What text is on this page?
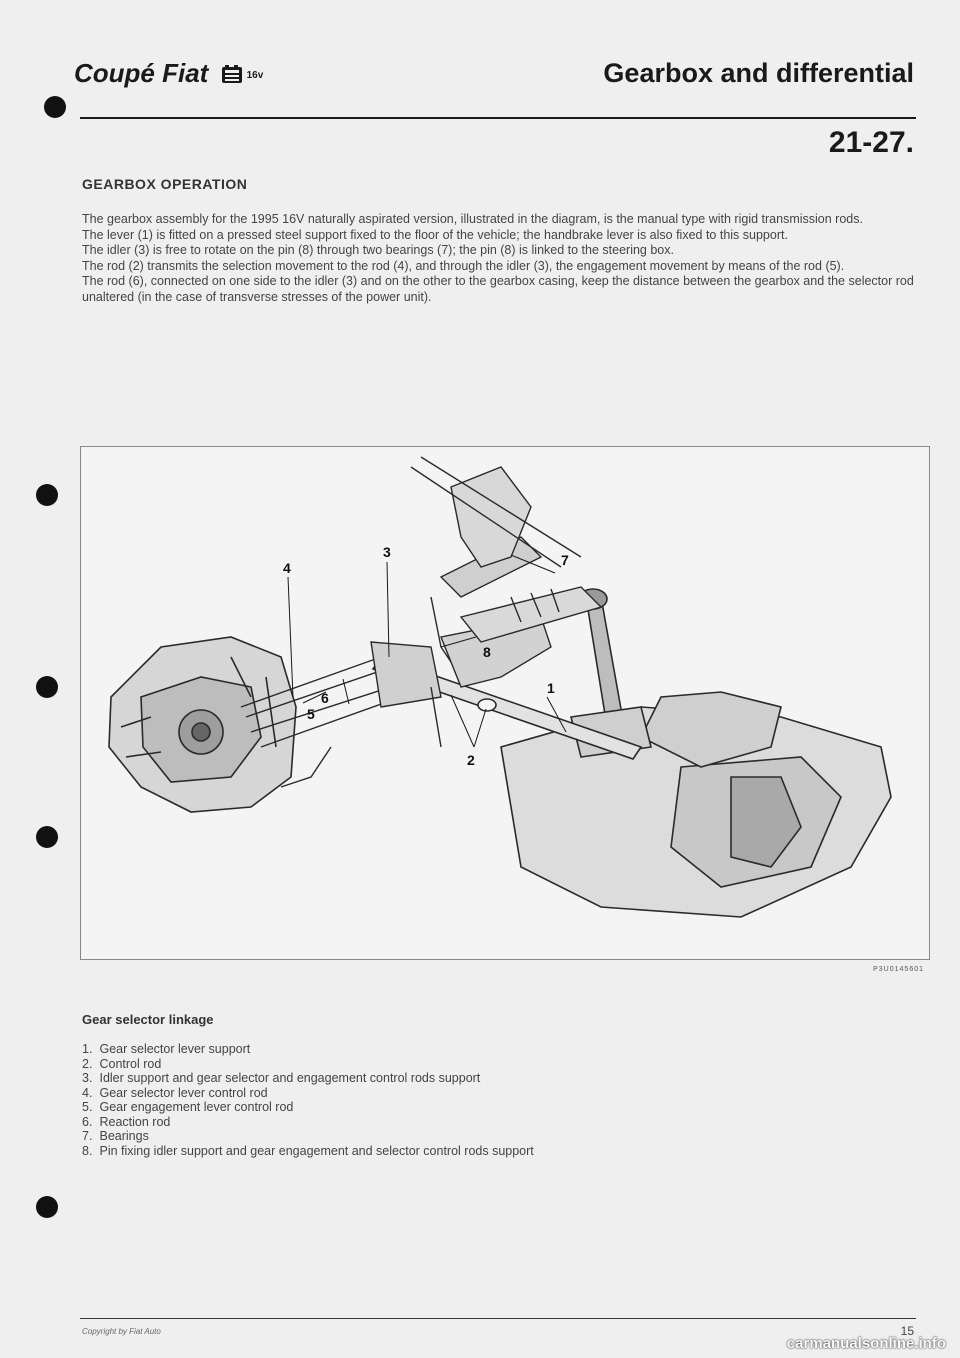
Coupé Fiat	16v	Gearbox and differential
21-27.
GEARBOX OPERATION

The gearbox assembly for the 1995 16V naturally aspirated version, illustrated in the diagram, is the manual type with rigid transmission rods.

The lever (1) is fitted on a pressed steel support fixed to the floor of the vehicle; the handbrake lever is also fixed to this support.

The idler (3) is free to rotate on the pin (8) through two bearings (7); the pin (8) is linked to the steering box.

The rod (2) transmits the selection movement to the rod (4), and through the idler (3), the engagement movement by means of the rod (5).

The rod (6), connected on one side to the idler (3) and on the other to the gearbox casing, keep the distance between the gearbox and the selector rod unaltered (in the case of transverse stresses of the power unit).

1
2
3
4
5
6
7
8
P3U0145601
Gear selector linkage
1. Gear selector lever support
2. Control rod
3. Idler support and gear selector and engagement control rods support
4. Gear selector lever control rod
5. Gear engagement lever control rod
6. Reaction rod
7. Bearings
8. Pin fixing idler support and gear engagement and selector control rods support
Copyright by Fiat Auto	15
carmanualsonline.info
